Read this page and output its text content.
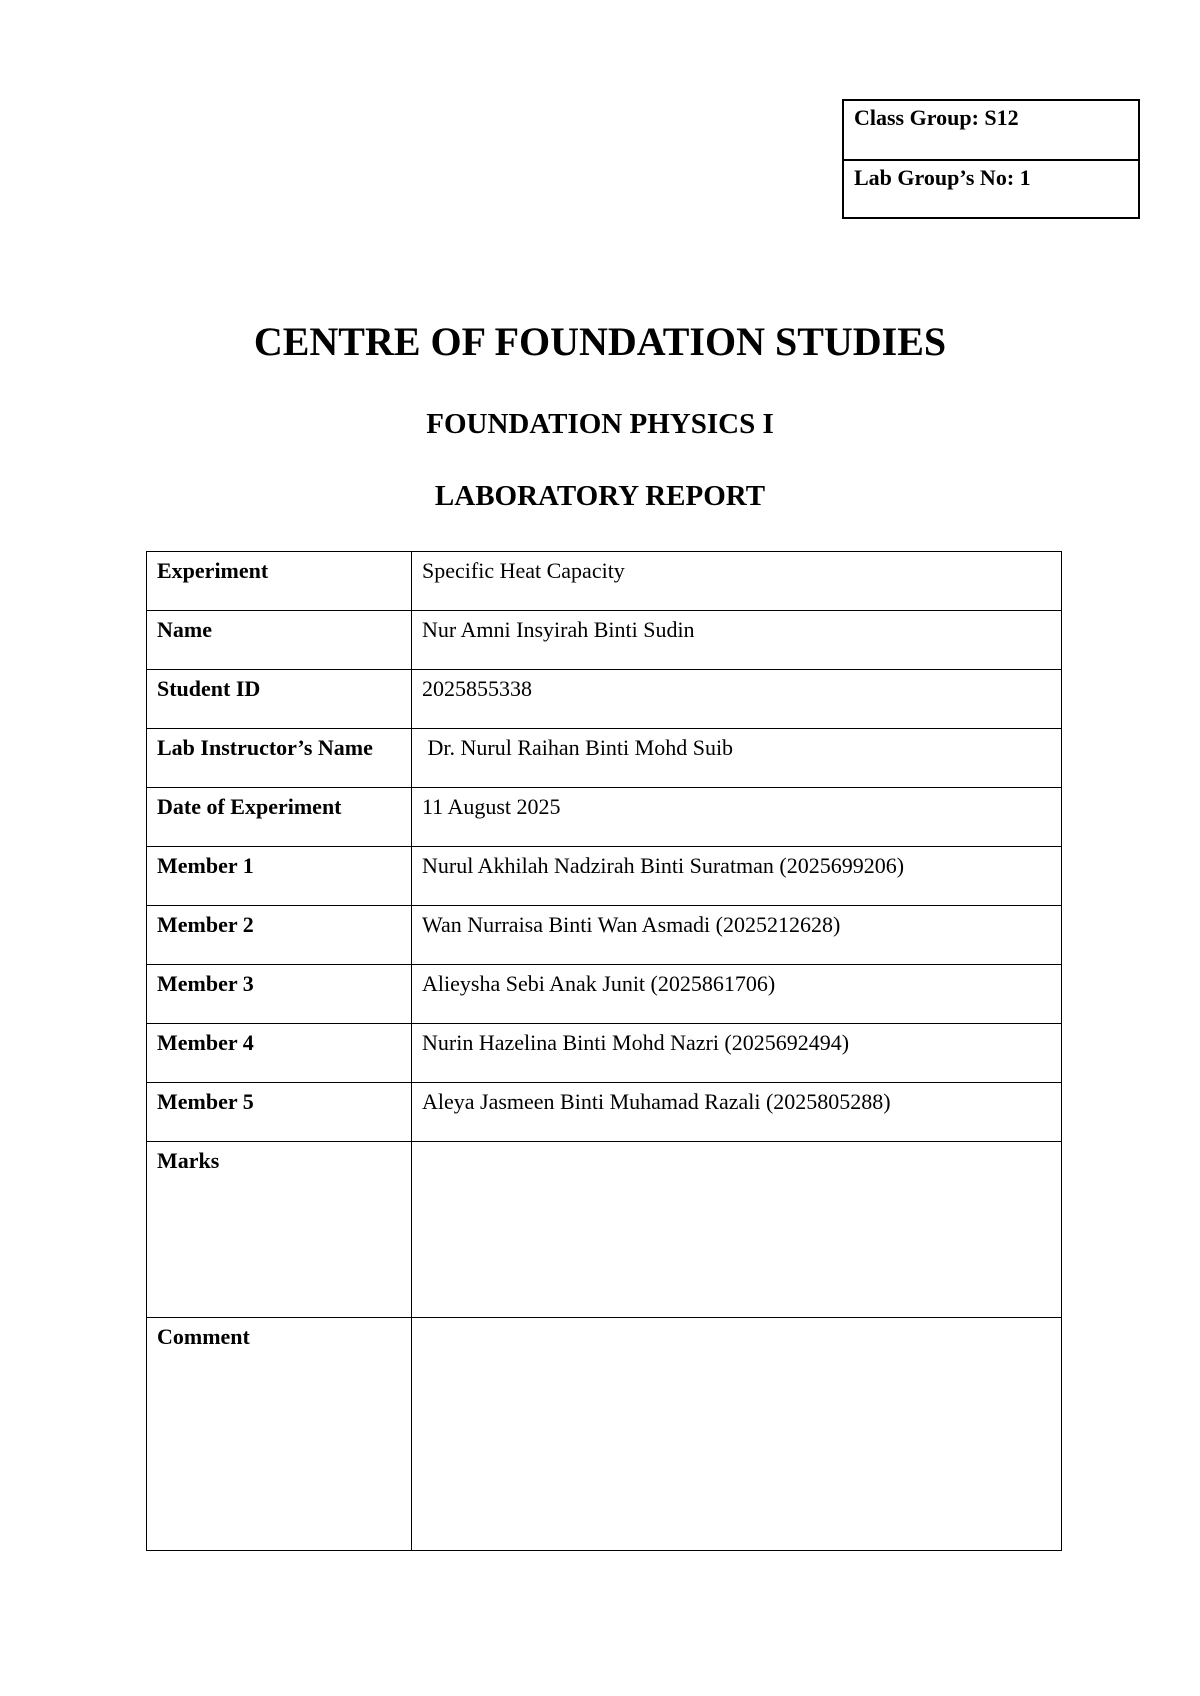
Class Group: S12
Lab Group’s No: 1
CENTRE OF FOUNDATION STUDIES
FOUNDATION PHYSICS I
LABORATORY REPORT
Experiment	Specific Heat Capacity
Name	Nur Amni Insyirah Binti Sudin
Student ID	2025855338
Lab Instructor’s Name	Dr. Nurul Raihan Binti Mohd Suib
Date of Experiment	11 August 2025
Member 1	Nurul Akhilah Nadzirah Binti Suratman (2025699206)
Member 2	Wan Nurraisa Binti Wan Asmadi (2025212628)
Member 3	Alieysha Sebi Anak Junit (2025861706)
Member 4	Nurin Hazelina Binti Mohd Nazri (2025692494)
Member 5	Aleya Jasmeen Binti Muhamad Razali (2025805288)
Marks	
Comment	
